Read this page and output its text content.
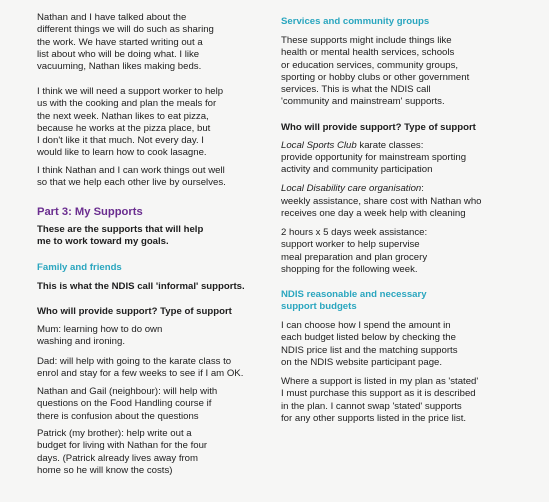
Nathan and I have talked about the
different things we will do such as sharing
the work. We have started writing out a
list about who will be doing what. I like
vacuuming, Nathan likes making beds.

I think we will need a support worker to help
us with the cooking and plan the meals for
the next week. Nathan likes to eat pizza,
because he works at the pizza place, but
I don't like it that much. Not every day. I
would like to learn how to cook lasagne.

I think Nathan and I can work things out well
so that we help each other live by ourselves.

Part 3: My Supports

These are the supports that will help
me to work toward my goals.

Family and friends

This is what the NDIS call 'informal' supports.

Who will provide support? Type of support

Mum: learning how to do own
washing and ironing.

Dad: will help with going to the karate class to
enrol and stay for a few weeks to see if I am OK.

Nathan and Gail (neighbour): will help with
questions on the Food Handling course if
there is confusion about the questions

Patrick (my brother): help write out a
budget for living with Nathan for the four
days. (Patrick already lives away from
home so he will know the costs)

Services and community groups

These supports might include things like
health or mental health services, schools
or education services, community groups,
sporting or hobby clubs or other government
services. This is what the NDIS call
'community and mainstream' supports.

Who will provide support? Type of support

Local Sports Club karate classes:

provide opportunity for mainstream sporting
activity and community participation

Local Disability care organisation:

weekly assistance, share cost with Nathan who
receives one day a week help with cleaning

2 hours x 5 days week assistance:
support worker to help supervise
meal preparation and plan grocery
shopping for the following week.

NDIS reasonable and necessary
support budgets

I can choose how I spend the amount in
each budget listed below by checking the
NDIS price list and the matching supports
on the NDIS website participant page.

Where a support is listed in my plan as 'stated'
I must purchase this support as it is described
in the plan. I cannot swap 'stated' supports
for any other supports listed in the price list.
